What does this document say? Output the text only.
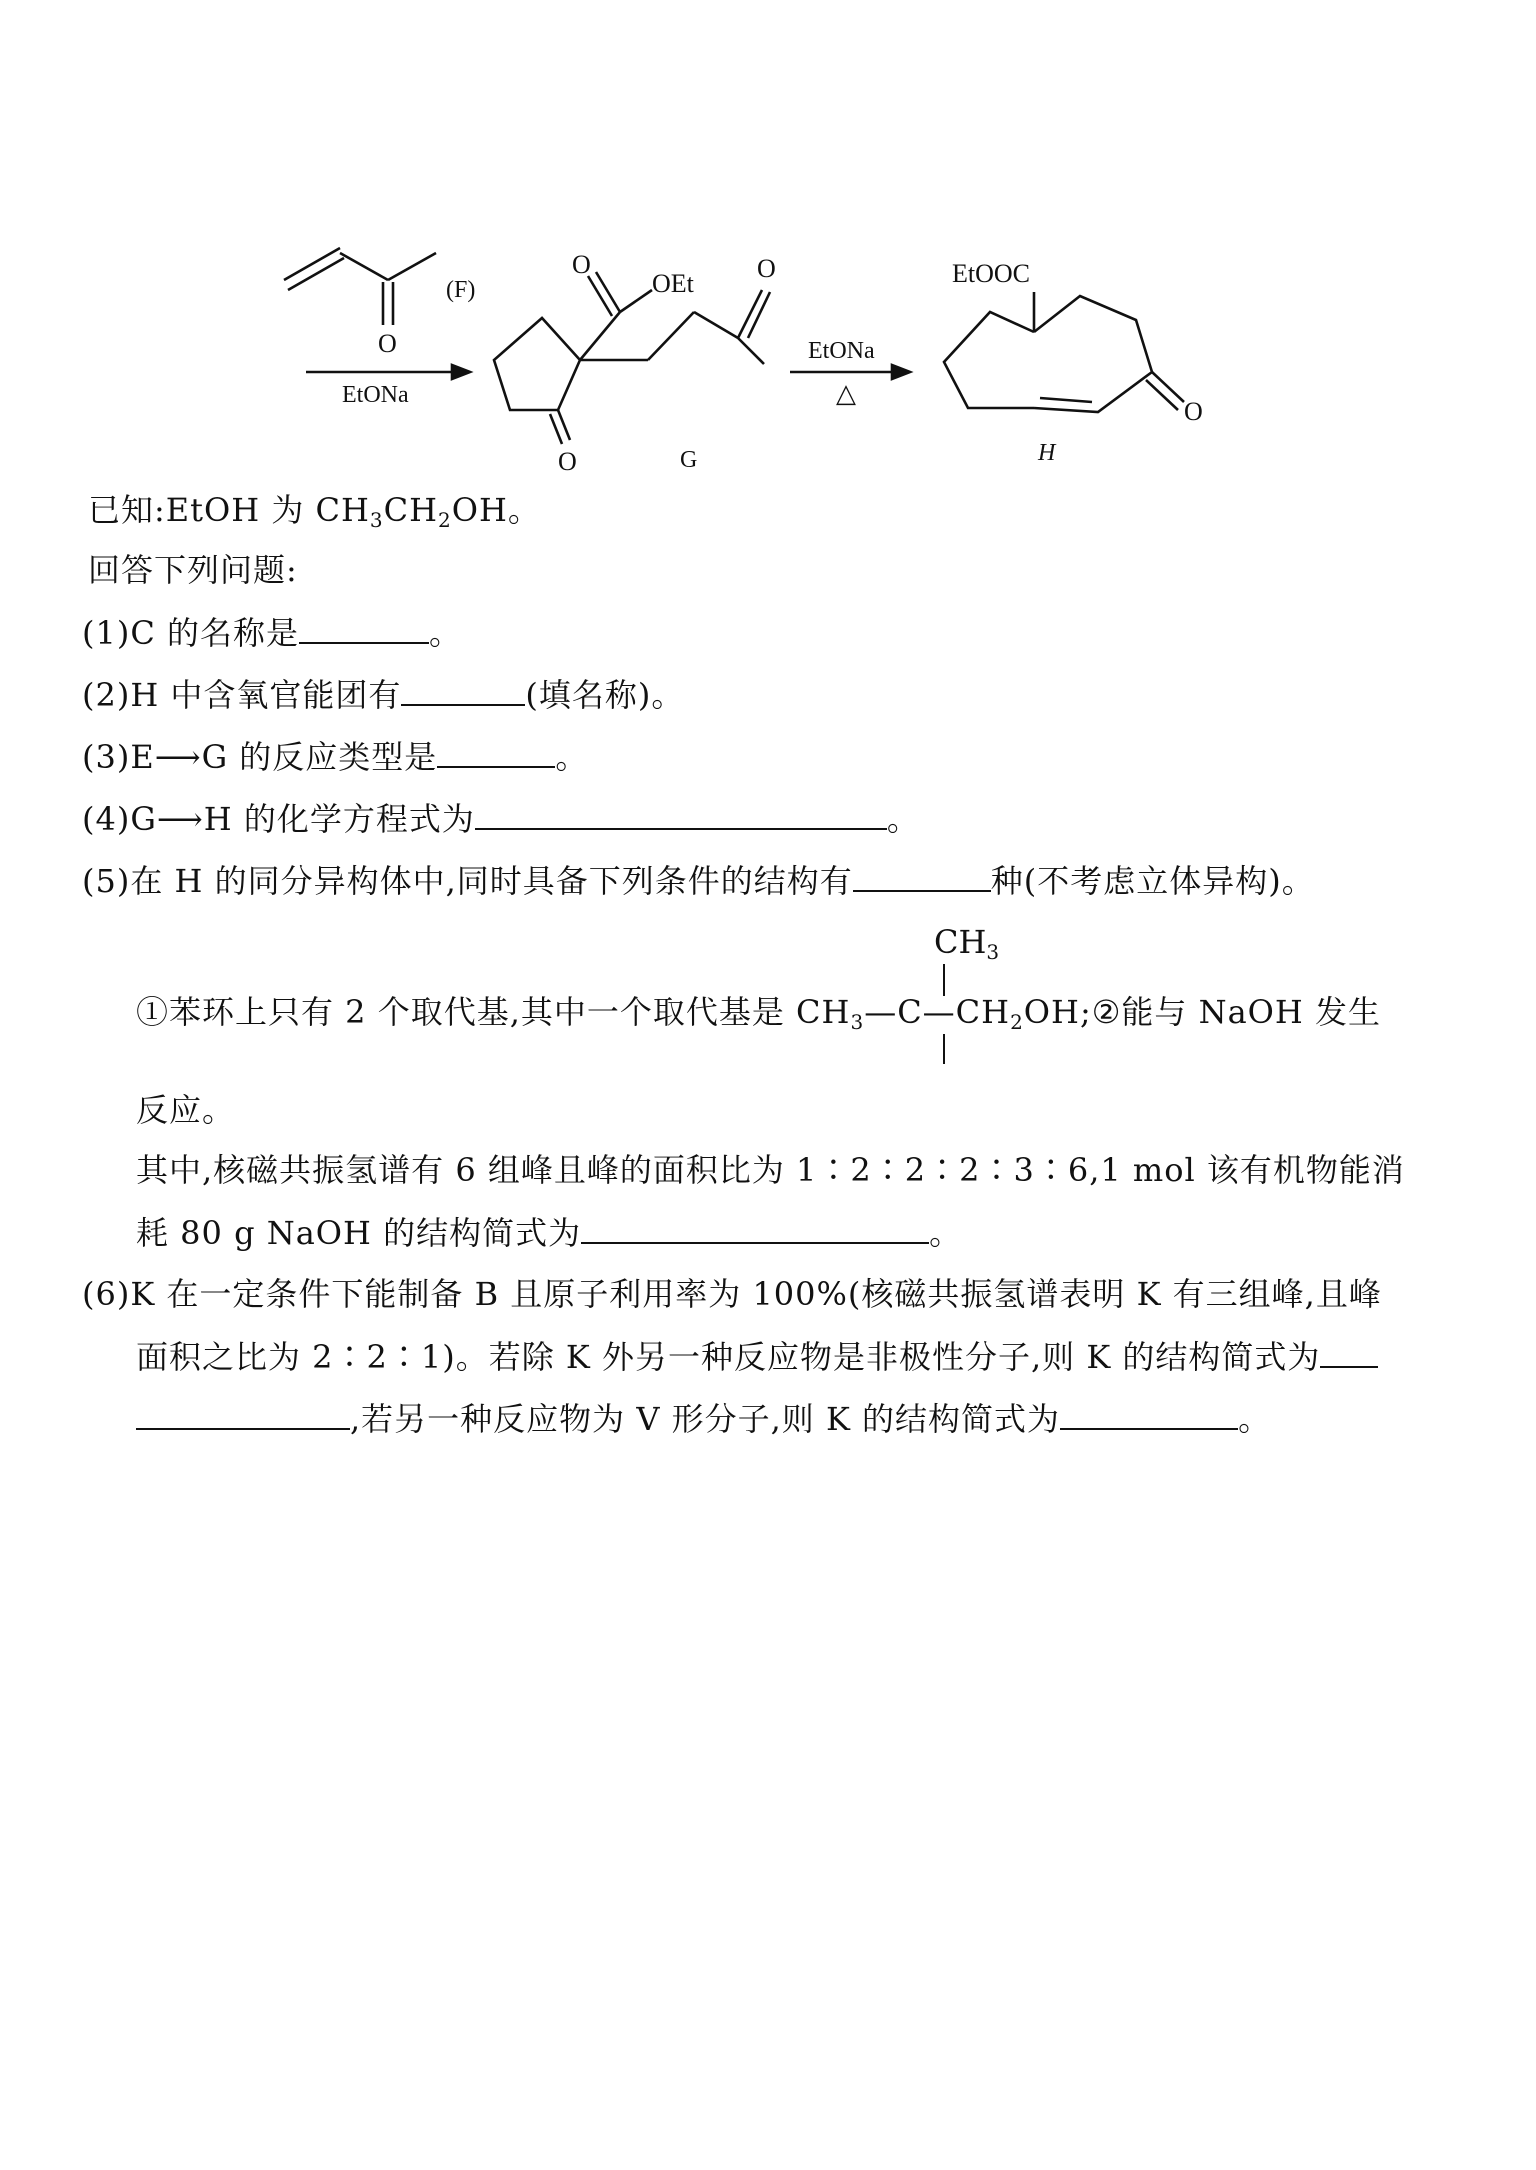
O
(F)
EtONa
O
O
OEt
O
G
EtONa
△
EtOOC
O
H
已知:EtOH 为 CH3CH2OH。
回答下列问题:
(1)C 的名称是	。
(2)H 中含氧官能团有	(填名称)。
(3)E⟶G 的反应类型是	。
(4)G⟶H 的化学方程式为	。
(5)在 H 的同分异构体中,同时具备下列条件的结构有	种(不考虑立体异构)。
CH3
①苯环上只有 2 个取代基,其中一个取代基是 CH3—C—CH2OH;②能与 NaOH 发生
反应。
其中,核磁共振氢谱有 6 组峰且峰的面积比为 1∶2∶2∶2∶3∶6,1 mol 该有机物能消
耗 80 g NaOH 的结构简式为	。
(6)K 在一定条件下能制备 B 且原子利用率为 100%(核磁共振氢谱表明 K 有三组峰,且峰
面积之比为 2∶2∶1)。若除 K 外另一种反应物是非极性分子,则 K 的结构简式为
,若另一种反应物为 V 形分子,则 K 的结构简式为	。
